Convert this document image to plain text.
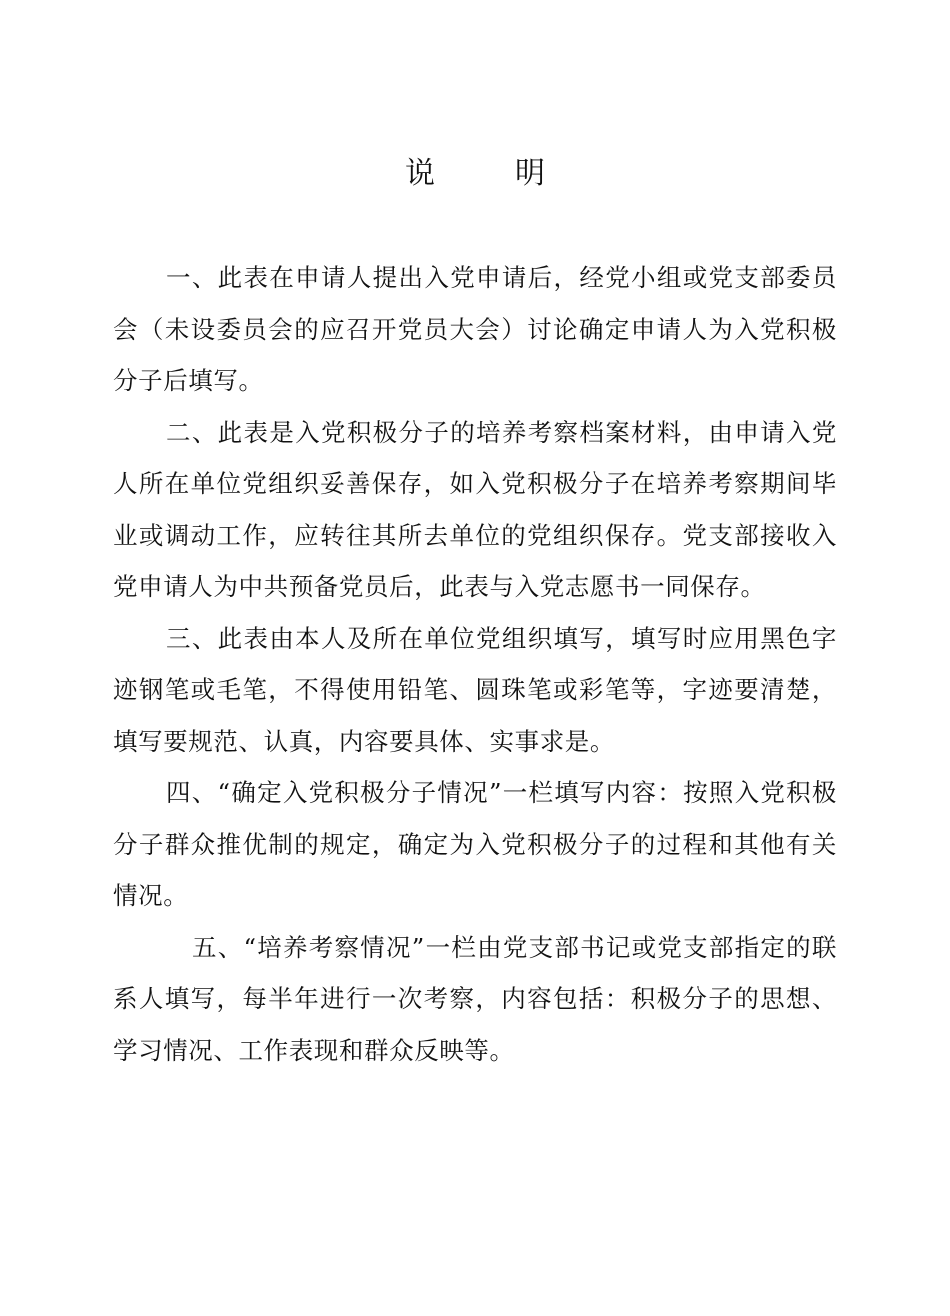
说	明

一、此表在申请人提出入党申请后，经党小组或党支部委员会（未设委员会的应召开党员大会）讨论确定申请人为入党积极分子后填写。

二、此表是入党积极分子的培养考察档案材料，由申请入党人所在单位党组织妥善保存，如入党积极分子在培养考察期间毕业或调动工作，应转往其所去单位的党组织保存。党支部接收入党申请人为中共预备党员后，此表与入党志愿书一同保存。

三、此表由本人及所在单位党组织填写，填写时应用黑色字迹钢笔或毛笔，不得使用铅笔、圆珠笔或彩笔等，字迹要清楚，填写要规范、认真，内容要具体、实事求是。

四、“确定入党积极分子情况”一栏填写内容：按照入党积极分子群众推优制的规定，确定为入党积极分子的过程和其他有关情况。

五、“培养考察情况”一栏由党支部书记或党支部指定的联系人填写，每半年进行一次考察，内容包括：积极分子的思想、学习情况、工作表现和群众反映等。
